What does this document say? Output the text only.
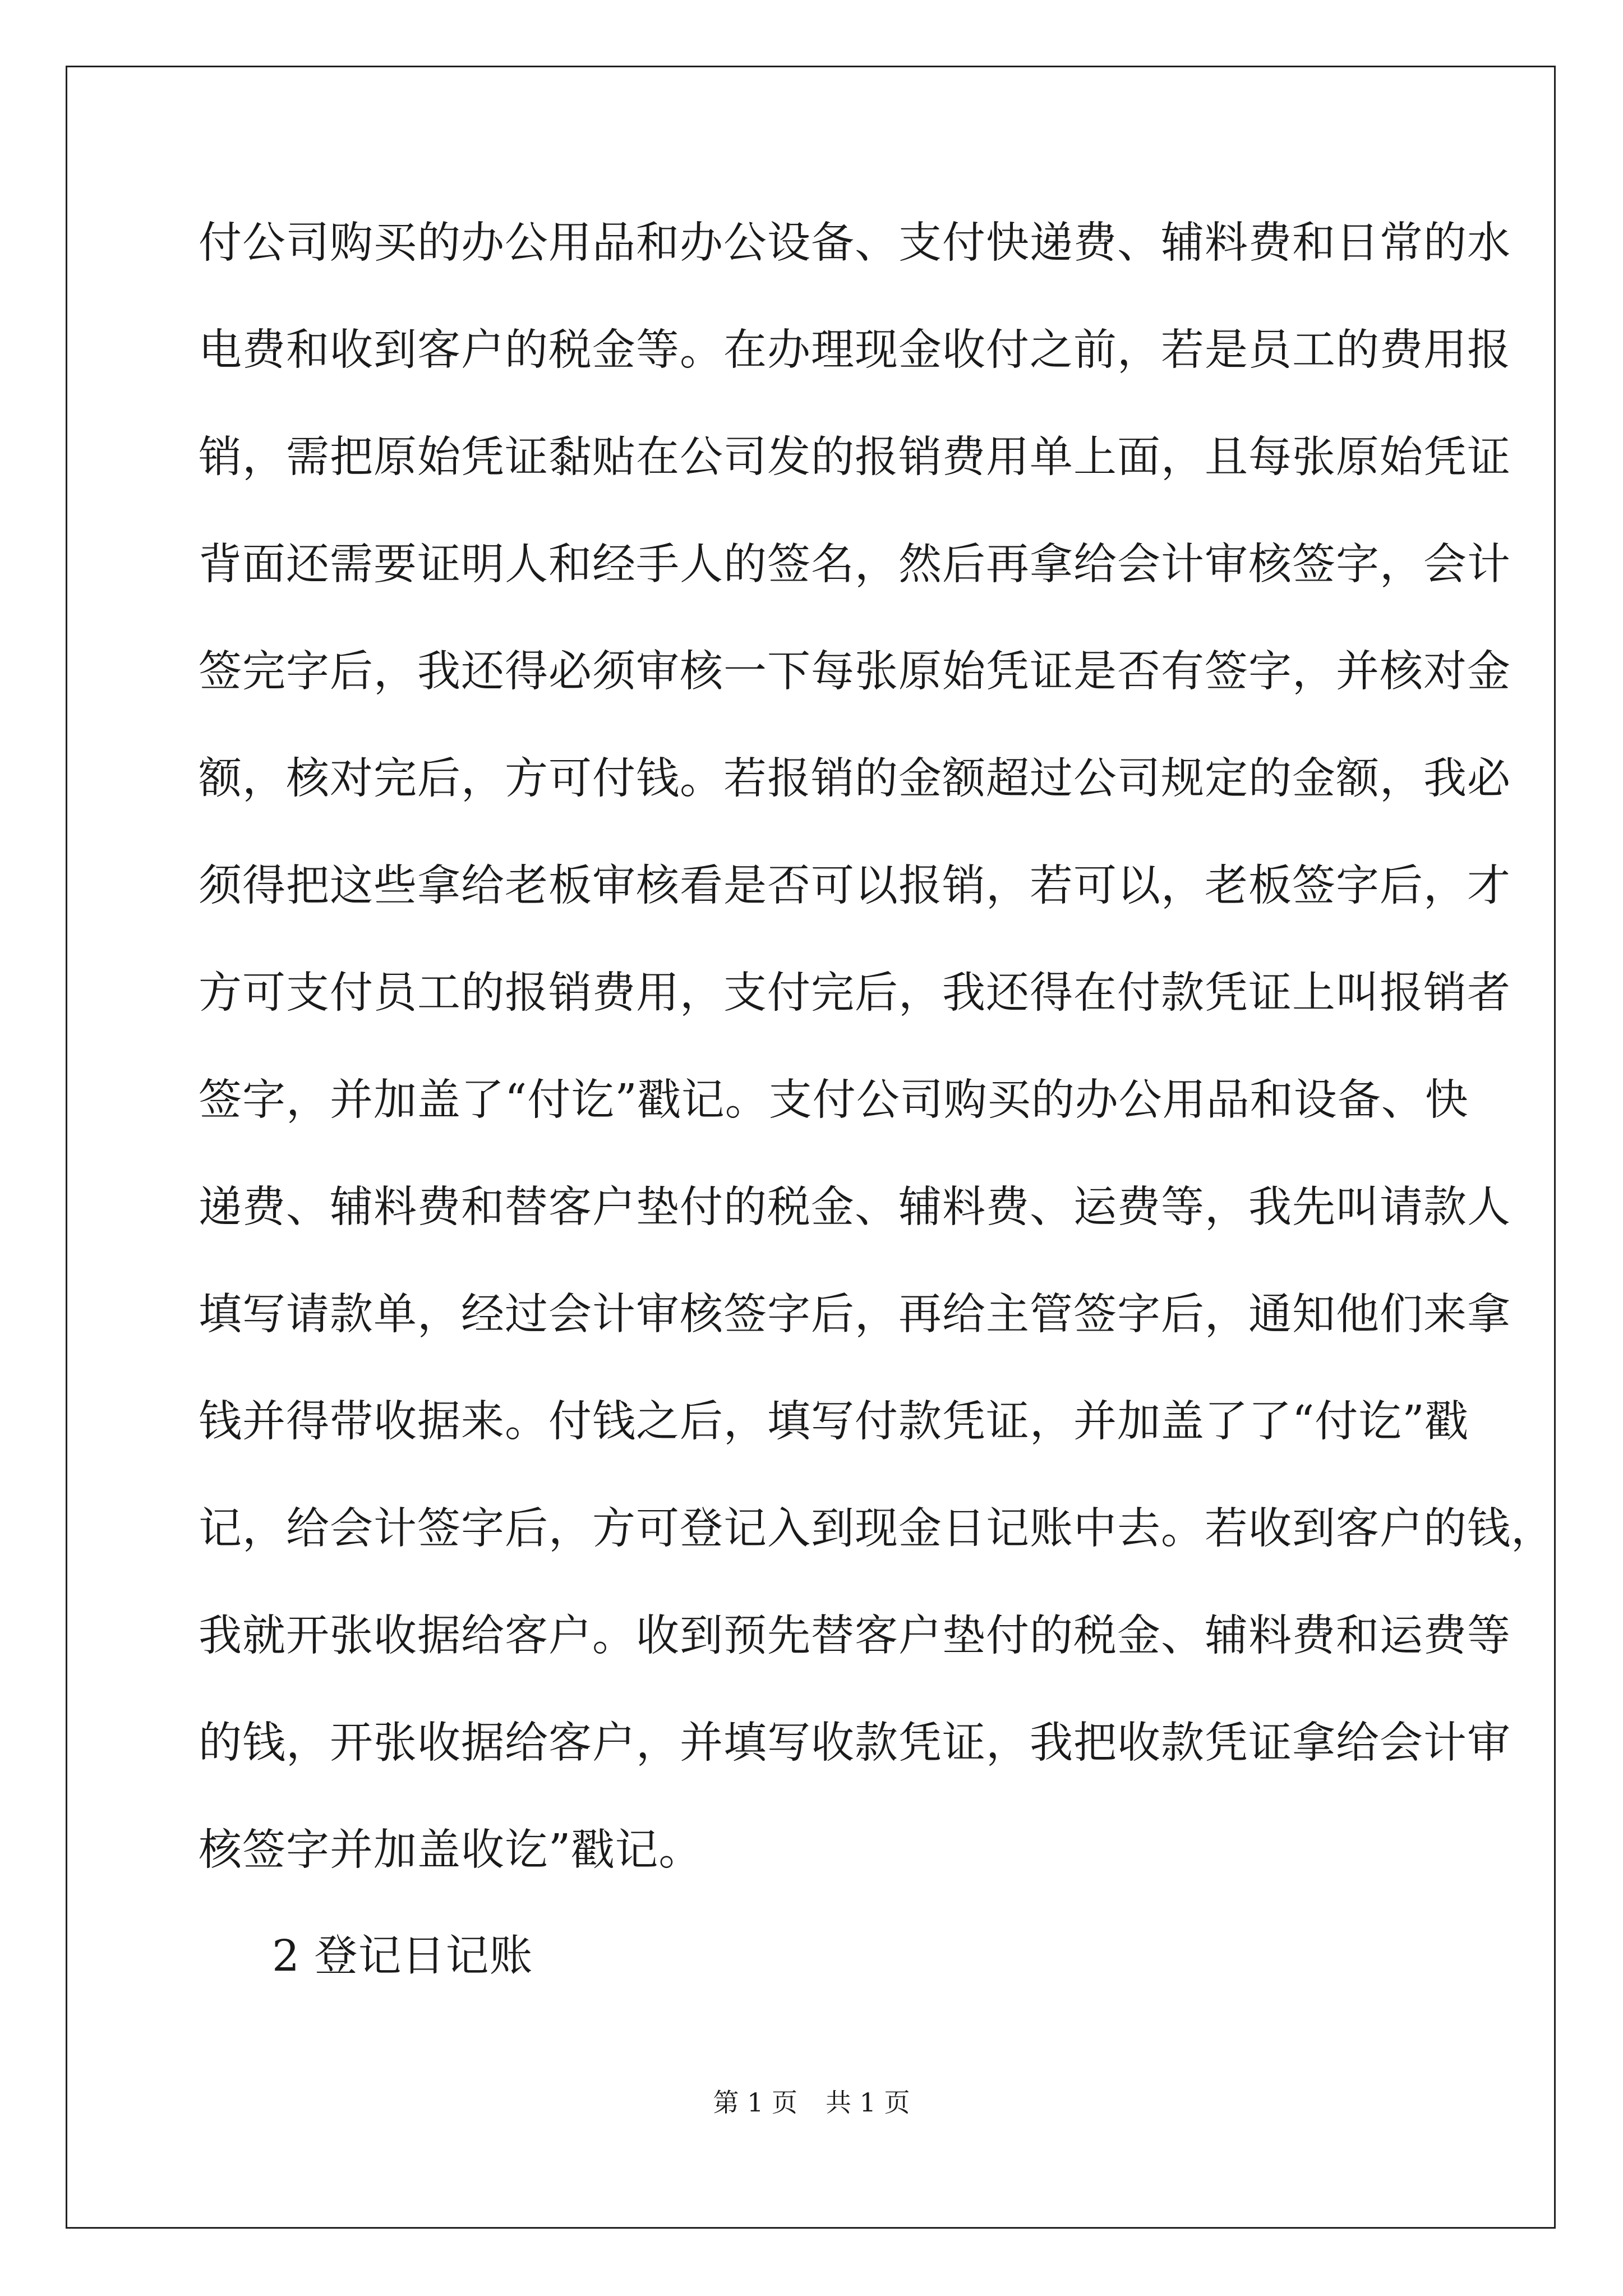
付公司购买的办公用品和办公设备、支付快递费、辅料费和日常的水
电费和收到客户的税金等。在办理现金收付之前，若是员工的费用报
销，需把原始凭证黏贴在公司发的报销费用单上面，且每张原始凭证
背面还需要证明人和经手人的签名，然后再拿给会计审核签字，会计
签完字后，我还得必须审核一下每张原始凭证是否有签字，并核对金
额，核对完后，方可付钱。若报销的金额超过公司规定的金额，我必
须得把这些拿给老板审核看是否可以报销，若可以，老板签字后，才
方可支付员工的报销费用，支付完后，我还得在付款凭证上叫报销者
签字，并加盖了“付讫”戳记。支付公司购买的办公用品和设备、快
递费、辅料费和替客户垫付的税金、辅料费、运费等，我先叫请款人
填写请款单，经过会计审核签字后，再给主管签字后，通知他们来拿
钱并得带收据来。付钱之后，填写付款凭证，并加盖了了“付讫”戳
记，给会计签字后，方可登记入到现金日记账中去。若收到客户的钱，
我就开张收据给客户。收到预先替客户垫付的税金、辅料费和运费等
的钱，开张收据给客户，并填写收款凭证，我把收款凭证拿给会计审
核签字并加盖收讫”戳记。
2 登记日记账
第 1 页 共 1 页
